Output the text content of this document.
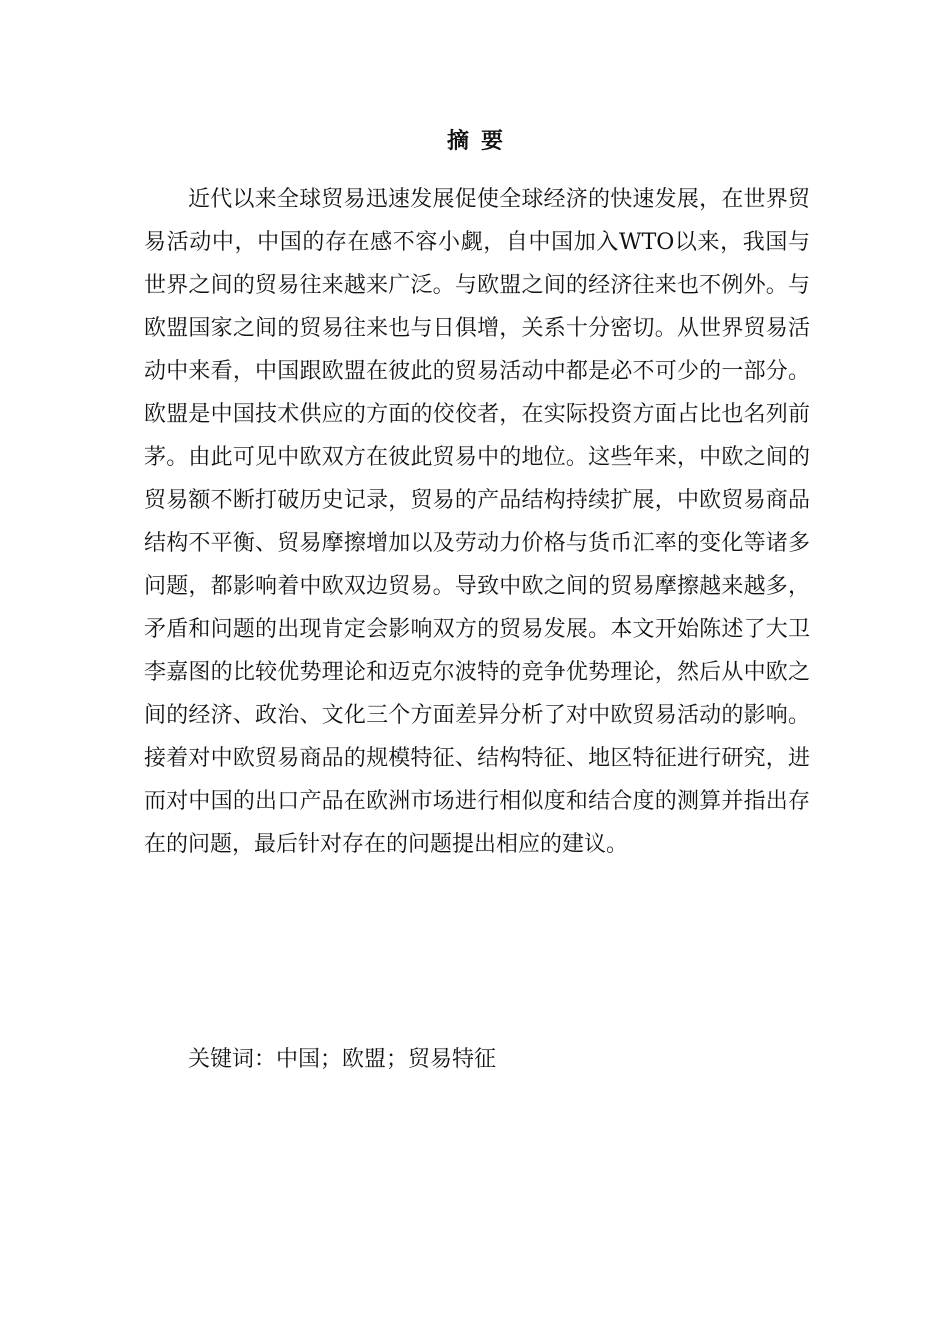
摘要

近代以来全球贸易迅速发展促使全球经济的快速发展，在世界贸易活动中，中国的存在感不容小觑，自中国加入WTO以来，我国与世界之间的贸易往来越来广泛。与欧盟之间的经济往来也不例外。与欧盟国家之间的贸易往来也与日俱增，关系十分密切。从世界贸易活动中来看，中国跟欧盟在彼此的贸易活动中都是必不可少的一部分。欧盟是中国技术供应的方面的佼佼者，在实际投资方面占比也名列前茅。由此可见中欧双方在彼此贸易中的地位。这些年来，中欧之间的贸易额不断打破历史记录，贸易的产品结构持续扩展，中欧贸易商品结构不平衡、贸易摩擦增加以及劳动力价格与货币汇率的变化等诸多问题，都影响着中欧双边贸易。导致中欧之间的贸易摩擦越来越多，矛盾和问题的出现肯定会影响双方的贸易发展。本文开始陈述了大卫李嘉图的比较优势理论和迈克尔波特的竞争优势理论，然后从中欧之间的经济、政治、文化三个方面差异分析了对中欧贸易活动的影响。接着对中欧贸易商品的规模特征、结构特征、地区特征进行研究，进而对中国的出口产品在欧洲市场进行相似度和结合度的测算并指出存在的问题，最后针对存在的问题提出相应的建议。

关键词：中国；欧盟；贸易特征
